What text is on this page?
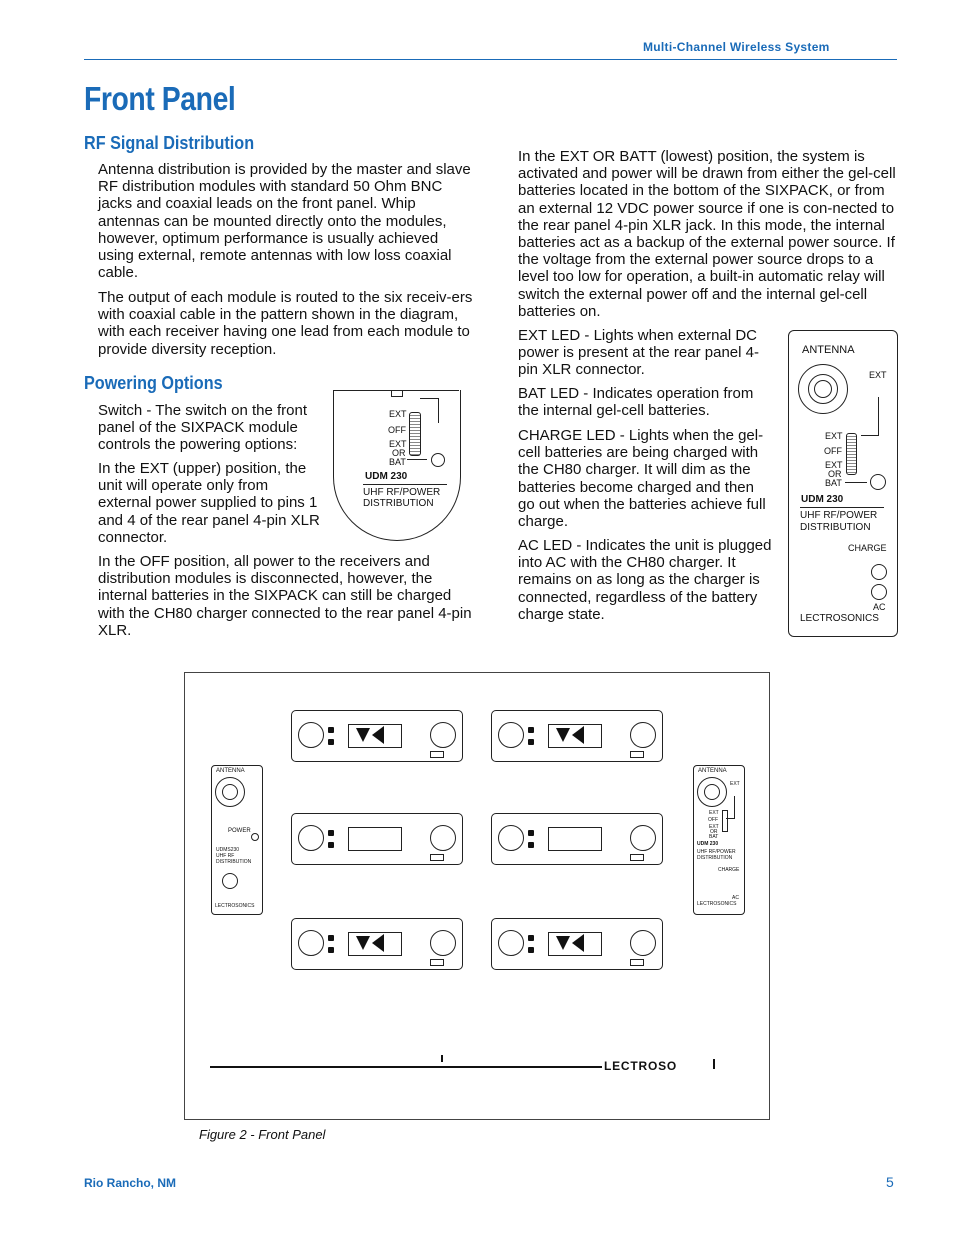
Multi-Channel Wireless System
Front Panel
RF Signal Distribution
Antenna distribution is provided by the master and slave RF distribution modules with standard 50 Ohm BNC jacks and coaxial leads on the front panel. Whip antennas can be mounted directly onto the modules, however, optimum performance is usually achieved using external, remote antennas with low loss coaxial cable.
The output of each module is routed to the six receiv-ers with coaxial cable in the pattern shown in the diagram, with each receiver having one lead from each module to provide diversity reception.
Powering Options
Switch - The switch on the front panel of the SIXPACK module controls the powering options:
In the EXT (upper) position, the unit will operate only from external power supplied to pins 1 and 4 of the rear panel 4-pin XLR connector.
In the OFF position, all power to the receivers and distribution modules is disconnected, however, the internal batteries in the SIXPACK can still be charged with the CH80 charger connected to the rear panel 4-pin XLR.
EXT
OFF
EXT
OR
BAT
UDM 230
UHF RF/POWER
DISTRIBUTION
In the EXT OR BATT (lowest) position, the system is activated and power will be drawn from either the gel-cell batteries located in the bottom of the SIXPACK, or from an external 12 VDC power source if one is con-nected to the rear panel 4-pin XLR jack. In this mode, the internal batteries act as a backup of the external power source. If the voltage from the external power source drops to a level too low for operation, a built-in automatic relay will switch the external power off and the internal gel-cell batteries on.
EXT LED - Lights when external DC power is present at the rear panel 4-pin XLR connector.
BAT LED - Indicates operation from the internal gel-cell batteries.
CHARGE LED - Lights when the gel-cell batteries are being charged with the CH80 charger. It will dim as the batteries become charged and then go out when the batteries achieve full charge.
AC LED - Indicates the unit is plugged into AC with the CH80 charger. It remains on as long as the charger is connected, regardless of the battery charge state.
ANTENNA
EXT
EXT
OFF
EXT
OR
BAT
UDM 230
UHF RF/POWER
DISTRIBUTION
CHARGE
AC
LECTROSONICS
ANTENNA
POWER
UDMS230
UHF RF
DISTRIBUTION
LECTROSONICS
ANTENNA
EXT
EXT
OFF
EXT
OR
BAT
UDM 230
UHF RF/POWER
DISTRIBUTION
CHARGE
AC
LECTROSONICS
LECTROSO
Figure 2 - Front Panel
Rio Rancho, NM	5
